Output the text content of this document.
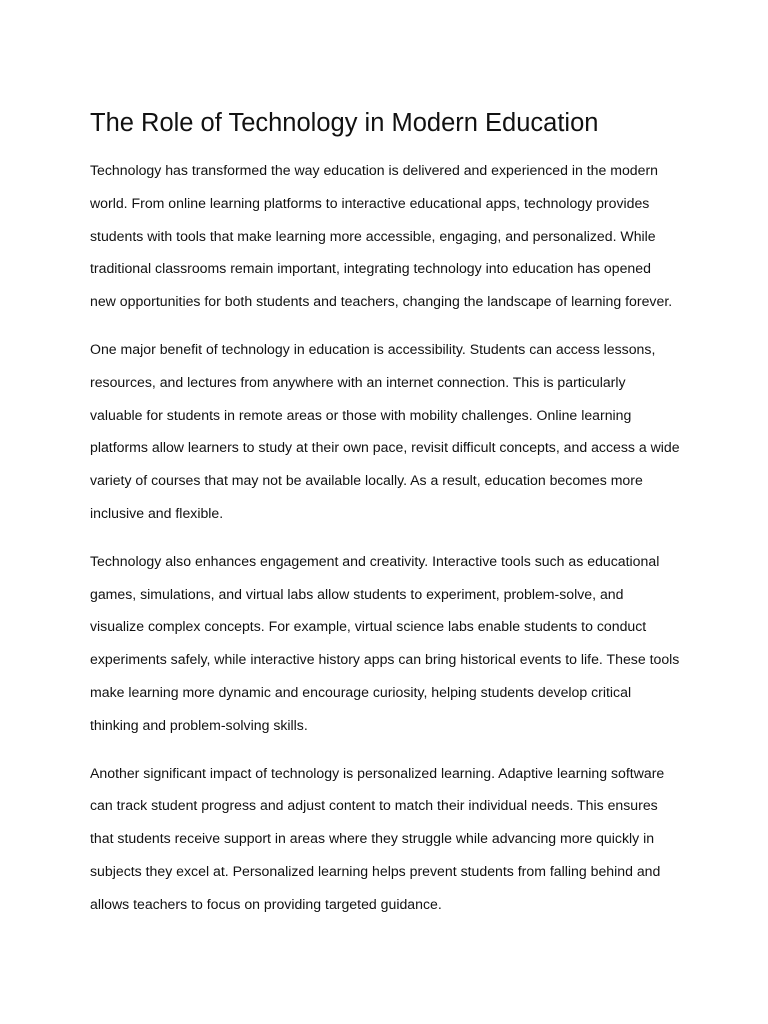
The Role of Technology in Modern Education

Technology has transformed the way education is delivered and experienced in the modern world. From online learning platforms to interactive educational apps, technology provides students with tools that make learning more accessible, engaging, and personalized. While traditional classrooms remain important, integrating technology into education has opened new opportunities for both students and teachers, changing the landscape of learning forever.

One major benefit of technology in education is accessibility. Students can access lessons, resources, and lectures from anywhere with an internet connection. This is particularly valuable for students in remote areas or those with mobility challenges. Online learning platforms allow learners to study at their own pace, revisit difficult concepts, and access a wide variety of courses that may not be available locally. As a result, education becomes more inclusive and flexible.

Technology also enhances engagement and creativity. Interactive tools such as educational games, simulations, and virtual labs allow students to experiment, problem-solve, and visualize complex concepts. For example, virtual science labs enable students to conduct experiments safely, while interactive history apps can bring historical events to life. These tools make learning more dynamic and encourage curiosity, helping students develop critical thinking and problem-solving skills.

Another significant impact of technology is personalized learning. Adaptive learning software can track student progress and adjust content to match their individual needs. This ensures that students receive support in areas where they struggle while advancing more quickly in subjects they excel at. Personalized learning helps prevent students from falling behind and allows teachers to focus on providing targeted guidance.
